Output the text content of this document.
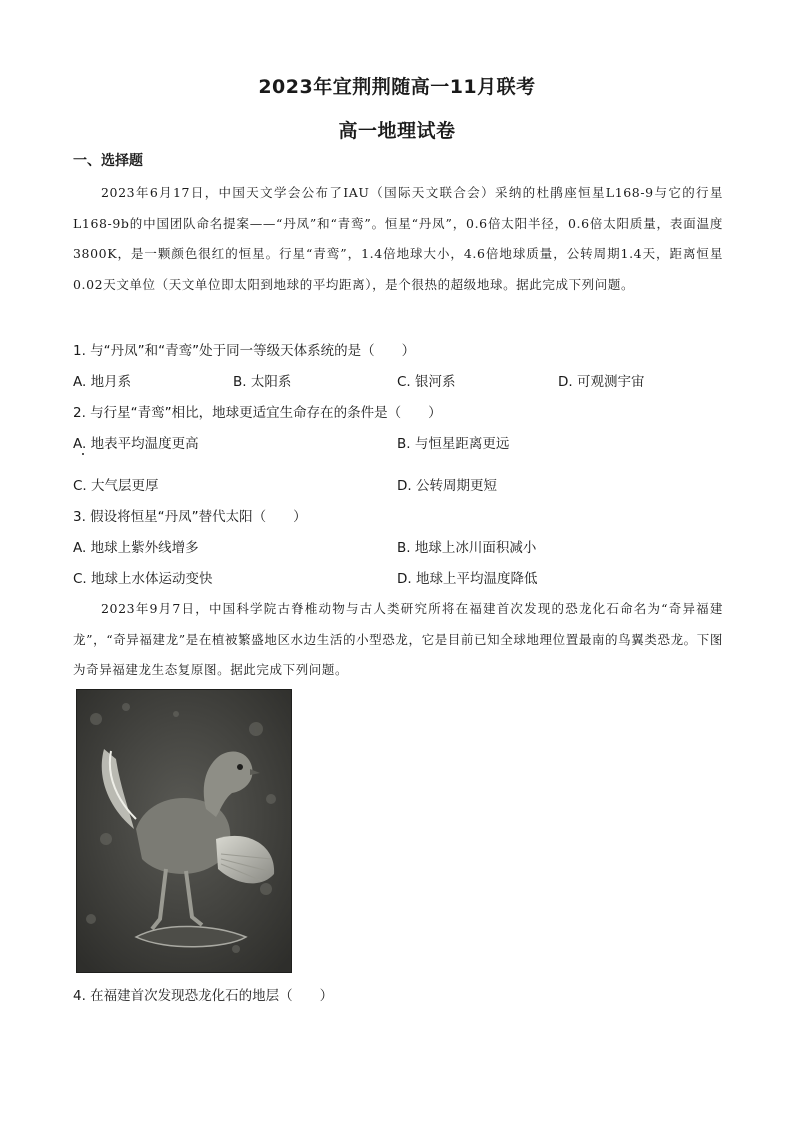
2023年宜荆荆随高一11月联考
高一地理试卷
一、选择题
2023年6月17日，中国天文学会公布了IAU（国际天文联合会）采纳的杜鹃座恒星L168-9与它的行星L168-9b的中国团队命名提案——“丹凤”和“青鸾”。恒星“丹凤”，0.6倍太阳半径，0.6倍太阳质量，表面温度3800K，是一颗颜色很红的恒星。行星“青鸾”，1.4倍地球大小，4.6倍地球质量，公转周期1.4天，距离恒星0.02天文单位（天文单位即太阳到地球的平均距离），是个很热的超级地球。据此完成下列问题。
1. 与“丹凤”和“青鸾”处于同一等级天体系统的是（　　）
A. 地月系	B. 太阳系	C. 银河系	D. 可观测宇宙
2. 与行星“青鸾”相比，地球更适宜生命存在的条件是（　　）
A. 地表平均温度更高	B. 与恒星距离更远
C. 大气层更厚	D. 公转周期更短
3. 假设将恒星“丹凤”替代太阳（　　）
A. 地球上紫外线增多	B. 地球上冰川面积减小
C. 地球上水体运动变快	D. 地球上平均温度降低
2023年9月7日，中国科学院古脊椎动物与古人类研究所将在福建首次发现的恐龙化石命名为“奇异福建龙”，“奇异福建龙”是在植被繁盛地区水边生活的小型恐龙，它是目前已知全球地理位置最南的鸟翼类恐龙。下图为奇异福建龙生态复原图。据此完成下列问题。
4. 在福建首次发现恐龙化石的地层（　　）
